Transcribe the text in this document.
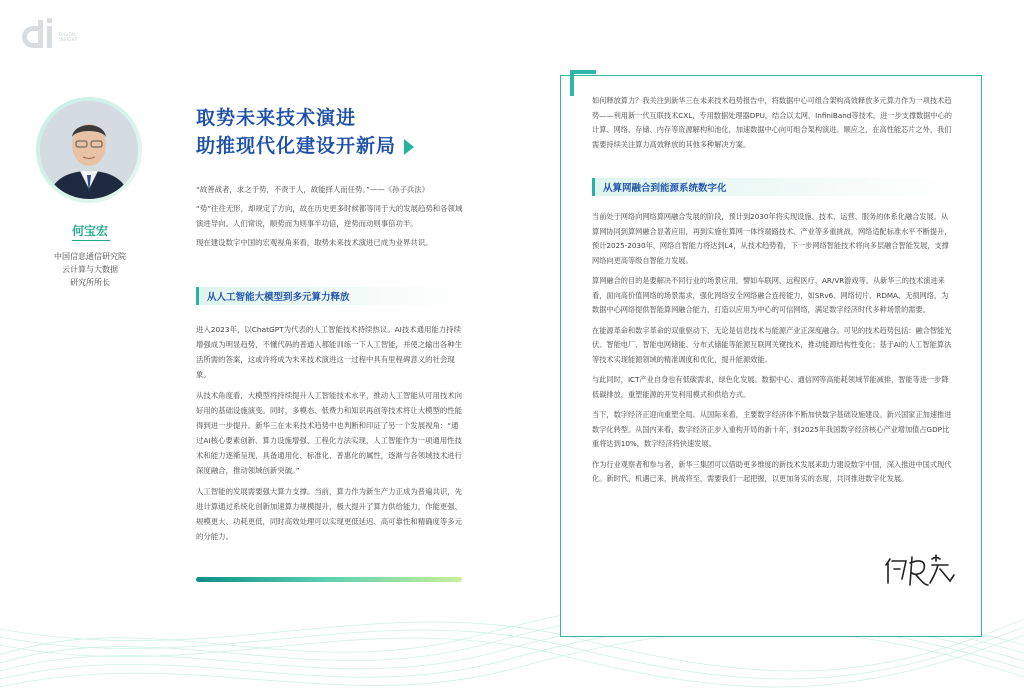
DIGITAL
INSIGHT
何宝宏
中国信息通信研究院
云计算与大数据
研究所所长
取势未来技术演进
助推现代化建设开新局

“故善战者，求之于势，不责于人，故能择人而任势。”——《孙子兵法》

“势”往往无形，却规定了方向，故在历史更多时候都等同于大的发展趋势和各领域演进导向。人们常说，顺势而为则事半功倍，逆势而动则事倍功半。

现在建设数字中国的宏观视角来看，取势未来技术演进已成为业界共识。

从人工智能大模型到多元算力释放

进入2023年，以ChatGPT为代表的人工智能技术持续热议。AI技术通用能力持续增强成为明显趋势，不懂代码的普通人都能训练一下人工智能，并使之输出各种生活所需的答案，这或许将成为未来技术演进这一过程中具有里程碑意义的社会现象。

从技术角度看，大模型将持续提升人工智能技术水平，推动人工智能从可用技术向好用的基础设施演变。同时，多模态、低费力和知识再创等技术将让大模型的性能得到进一步提升。新华三在未来技术趋势中也判断和印证了另一个发展视角：“通过AI核心要素创新、算力设施增强、工程化方法实现，人工智能作为一项通用性技术和能力逐渐呈现，具备通用化、标准化、普惠化的属性，逐渐与各领域技术进行深度融合，推动领域创新突破。”

人工智能的发展需要强大算力支撑。当前，算力作为新生产力正成为普遍共识，先进计算通过系统化创新加速算力规模提升，极大提升了算力供给能力，作能更强、规模更大、功耗更低，同时高效处理可以实现更低延迟、高可靠性和精确度等多元的分能力。

如何释放算力？我关注到新华三在未来技术趋势报告中，将数据中心可组合架构高效释放多元算力作为一项技术趋势——利用新一代互联技术CXL，专用数据处理器DPU，结合以太网、InfiniBand等技术，进一步支撑数据中心的计算、网络、存储、内存等资源解构和池化，加速数据中心向可组合架构演进。顺应之，在高性能芯片之外，我们需要持续关注算力高效释放的其他多种解决方案。
从算网融合到能源系统数字化

当前处于网络向网络算网融合发展的阶段，预计到2030年将实现设施、技术、运营、服务的体系化融合发展。从算网协同到算网融合显著应用，再到实施在算网一体终端路技术、产业等多重挑战，网络适配标准水平不断提升，预计2025-2030年，网络自智能力将达到L4，从技术趋势看，下一步网络智能技术将向多层融合智能发展，支撑网络向更高等级自智能力发展。

算网融合的目的是要解决不同行业的场景应用，譬如车联网、远程医疗、AR/VR游戏等。从新华三的技术演进来看，面向高价值网络的场景需求，强化网络安全网络融合连接能力，如SRv6、网络切片、RDMA、无损网络，为数据中心网络提供智能算网融合能力，打造以应用为中心的可信网络，满足数字经济时代多种场景的需要。

在能源革命和数字革命的双重驱动下，无论是信息技术与能源产业正深度融合。可见的技术趋势包括：融合智能光伏、智能电厂、智能电网储能、分布式储能等能源互联网关键技术，推动能源结构性变化；基于AI的人工智能算法等技术实现能源领域的精准调度和优化，提升能源效能。

与此同时，ICT产业自身也有低碳需求，绿色化发展。数据中心、通信网等高能耗领域节能减排，智能等进一步降低碳排放，重塑能源的开发利用模式和供给方式。

当下，数字经济正迎向重塑全局。从国际来看，主要数字经济体不断加快数字基础设施建设。新兴国家正加速推进数字化转型。从国内来看，数字经济正步入重构开局的新十年，到2025年我国数字经济核心产业增加值占GDP比重将达到10%，数字经济将快速发展。

作为行业观察者和参与者，新华三集团可以借助更多维度的新技术发展来助力建设数字中国，深入推进中国式现代化。新时代，机遇已来，挑战将至，需要我们一起把握，以更加务实的态度，共同推进数字化发展。
